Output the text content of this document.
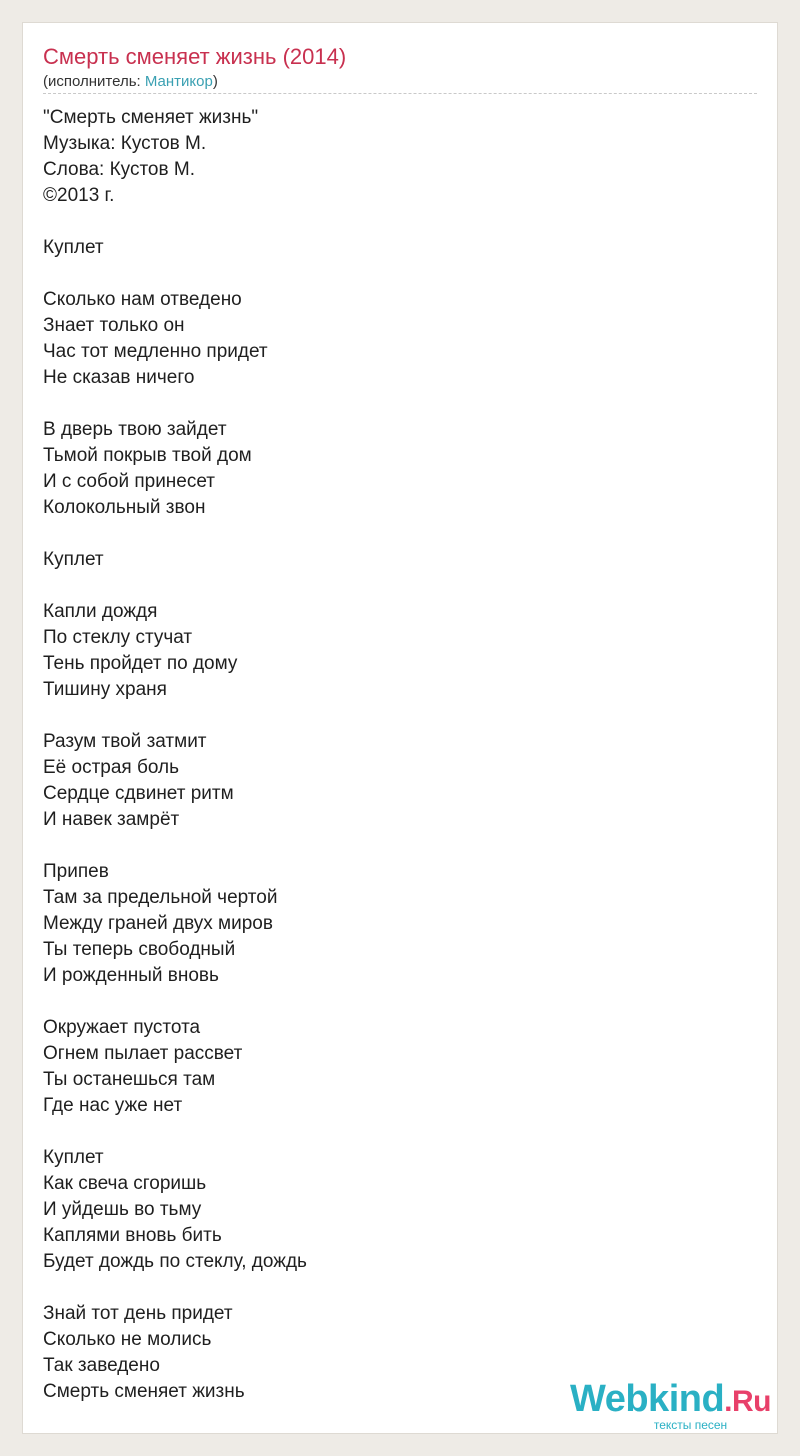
Смерть сменяет жизнь (2014)
(исполнитель: Мантикор)
"Смерть сменяет жизнь"
Музыка: Кустов М.
Слова: Кустов М.
©2013 г.
Куплет
Сколько нам отведено
Знает только он
Час тот медленно придет
Не сказав ничего
В дверь твою зайдет
Тьмой покрыв твой дом
И с собой принесет
Колокольный звон
Куплет
Капли дождя
По стеклу стучат
Тень пройдет по дому
Тишину храня
Разум твой затмит
Её острая боль
Сердце сдвинет ритм
И навек замрёт
Припев
Там за предельной чертой
Между граней двух миров
Ты теперь свободный
И рожденный вновь
Окружает пустота
Огнем пылает рассвет
Ты останешься там
Где нас уже нет
Куплет
Как свеча сгоришь
И уйдешь во тьму
Каплями вновь бить
Будет дождь по стеклу, дождь
Знай тот день придет
Сколько не молись
Так заведено
Смерть сменяет жизнь	Webkind.Ru
тексты песен
